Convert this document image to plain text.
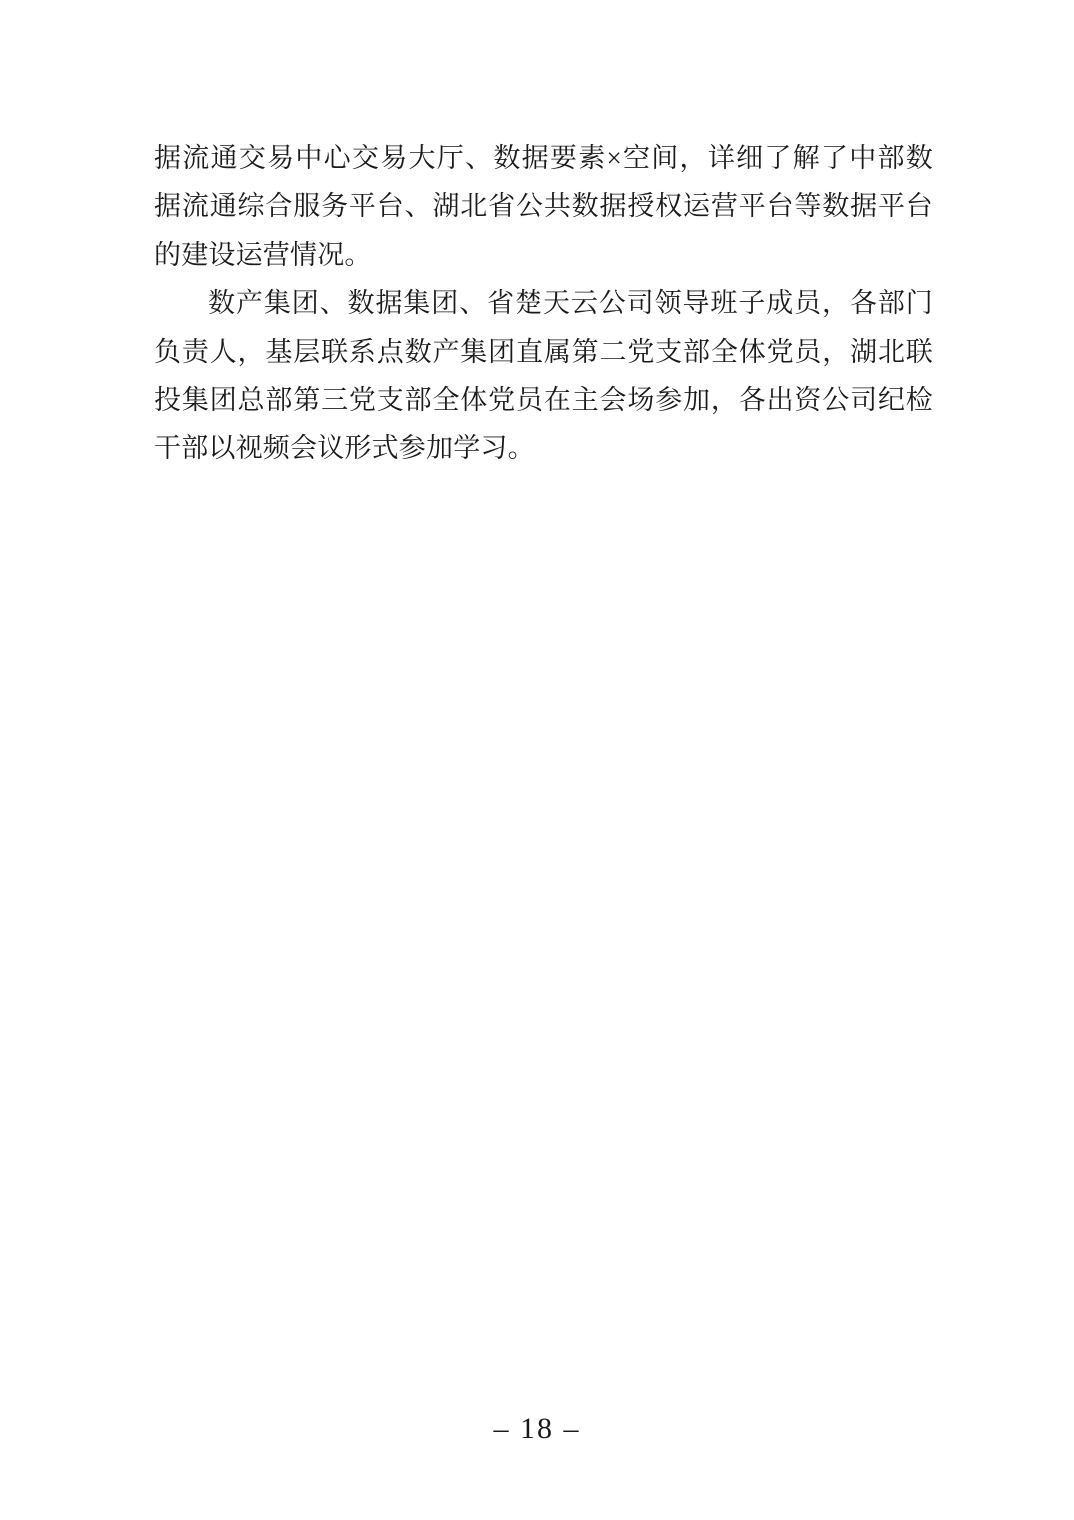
据流通交易中心交易大厅、数据要素×空间，详细了解了中部数

据流通综合服务平台、湖北省公共数据授权运营平台等数据平台

的建设运营情况。

数产集团、数据集团、省楚天云公司领导班子成员，各部门

负责人，基层联系点数产集团直属第二党支部全体党员，湖北联

投集团总部第三党支部全体党员在主会场参加，各出资公司纪检

干部以视频会议形式参加学习。

– 18 –
